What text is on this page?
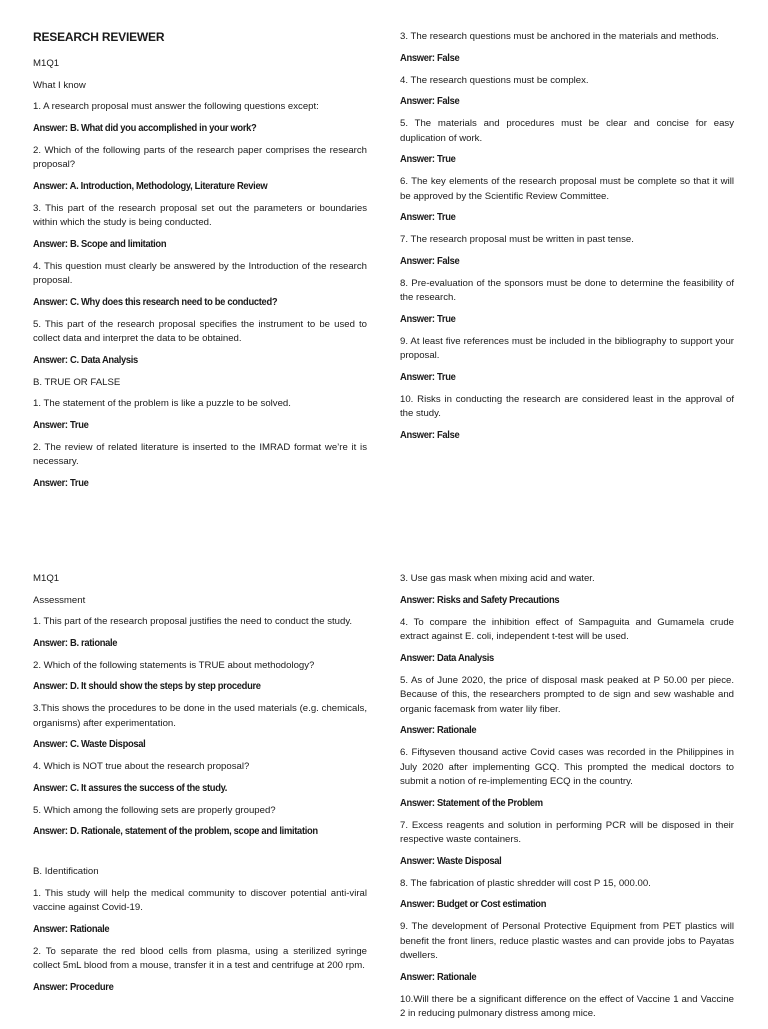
RESEARCH REVIEWER
M1Q1
What I know
1. A research proposal must answer the following questions except:
Answer: B. What did you accomplished in your work?
2. Which of the following parts of the research paper comprises the research proposal?
Answer: A. Introduction, Methodology, Literature Review
3. This part of the research proposal set out the parameters or boundaries within which the study is being conducted.
Answer: B. Scope and limitation
4. This question must clearly be answered by the Introduction of the research proposal.
Answer: C. Why does this research need to be conducted?
5. This part of the research proposal specifies the instrument to be used to collect data and interpret the data to be obtained.
Answer: C. Data Analysis
B. TRUE OR FALSE
1. The statement of the problem is like a puzzle to be solved.
Answer: True
2. The review of related literature is inserted to the IMRAD format we’re it is necessary.
Answer: True
3. The research questions must be anchored in the materials and methods.
Answer: False
4. The research questions must be complex.
Answer: False
5. The materials and procedures must be clear and concise for easy duplication of work.
Answer: True
6. The key elements of the research proposal must be complete so that it will be approved by the Scientific Review Committee.
Answer: True
7. The research proposal must be written in past tense.
Answer: False
8. Pre-evaluation of the sponsors must be done to determine the feasibility of the research.
Answer: True
9. At least five references must be included in the bibliography to support your proposal.
Answer: True
10. Risks in conducting the research are considered least in the approval of the study.
Answer: False
M1Q1
Assessment
1. This part of the research proposal justifies the need to conduct the study.
Answer: B. rationale
2. Which of the following statements is TRUE about methodology?
Answer: D. It should show the steps by step procedure
3.This shows the procedures to be done in the used materials (e.g. chemicals, organisms) after experimentation.
Answer: C. Waste Disposal
4. Which is NOT true about the research proposal?
Answer: C. It assures the success of the study.
5. Which among the following sets are properly grouped?
Answer: D. Rationale, statement of the problem, scope and limitation
B. Identification
1. This study will help the medical community to discover potential anti-viral vaccine against Covid-19.
Answer: Rationale
2. To separate the red blood cells from plasma, using a sterilized syringe collect 5mL blood from a mouse, transfer it in a test and centrifuge at 200 rpm.
Answer: Procedure
3. Use gas mask when mixing acid and water.
Answer: Risks and Safety Precautions
4. To compare the inhibition effect of Sampaguita and Gumamela crude extract against E. coli, independent t-test will be used.
Answer: Data Analysis
5. As of June 2020, the price of disposal mask peaked at P 50.00 per piece. Because of this, the researchers prompted to de sign and sew washable and organic facemask from water lily fiber.
Answer: Rationale
6. Fiftyseven thousand active Covid cases was recorded in the Philippines in July 2020 after implementing GCQ. This prompted the medical doctors to submit a notion of re-implementing ECQ in the country.
Answer: Statement of the Problem
7. Excess reagents and solution in performing PCR will be disposed in their respective waste containers.
Answer: Waste Disposal
8. The fabrication of plastic shredder will cost P 15, 000.00.
Answer: Budget or Cost estimation
9. The development of Personal Protective Equipment from PET plastics will benefit the front liners, reduce plastic wastes and can provide jobs to Payatas dwellers.
Answer: Rationale
10.Will there be a significant difference on the effect of Vaccine 1 and Vaccine 2 in reducing pulmonary distress among mice.
